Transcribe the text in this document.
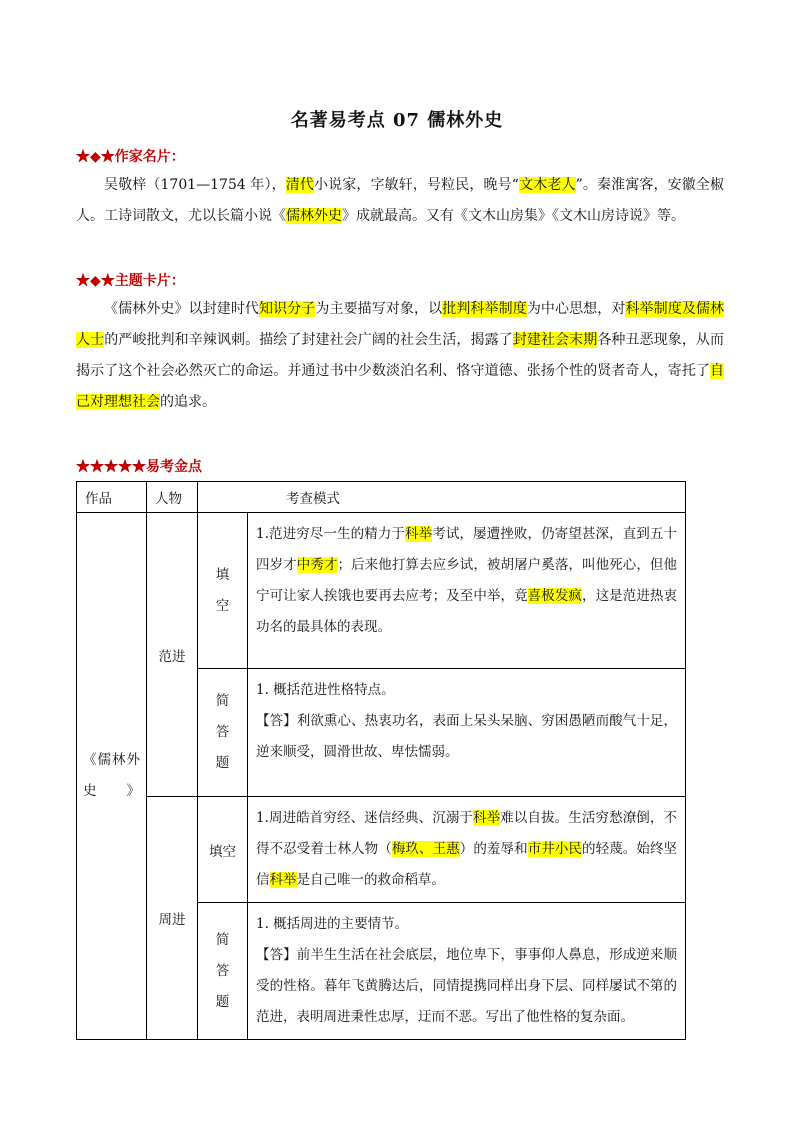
名著易考点 07 儒林外史
★◆★作家名片：
吴敬梓（1701—1754 年），清代小说家，字敏轩，号粒民，晚号“文木老人”。秦淮寓客，安徽全椒人。工诗词散文，尤以长篇小说《儒林外史》成就最高。又有《文木山房集》《文木山房诗说》等。
★◆★主题卡片：
《儒林外史》以封建时代知识分子为主要描写对象，以批判科举制度为中心思想，对科举制度及儒林人士的严峻批判和辛辣讽刺。描绘了封建社会广阔的社会生活，揭露了封建社会末期各种丑恶现象，从而揭示了这个社会必然灭亡的命运。并通过书中少数淡泊名利、恪守道德、张扬个性的贤者奇人，寄托了自己对理想社会的追求。
★★★★★易考金点
作品	人物	考查模式	
《儒林外史》	范进	填空	1.范进穷尽一生的精力于科举考试，屡遭挫败，仍寄望甚深，直到五十四岁才中秀才；后来他打算去应乡试，被胡屠户奚落，叫他死心，但他宁可让家人挨饿也要再去应考；及至中举，竟喜极发疯，这是范进热衷功名的最具体的表现。

		简答题	1. 概括范进性格特点。
【答】利欲熏心、热衷功名，表面上呆头呆脑、穷困愚陋而酸气十足，逆来顺受，圆滑世故、卑怯懦弱。

	周进	填空	1.周进皓首穷经、迷信经典、沉溺于科举难以自拔。生活穷愁潦倒，不得不忍受着士林人物（梅玖、王惠）的羞辱和市井小民的轻蔑。始终坚信科举是自己唯一的救命稻草。

		简答题	1. 概括周进的主要情节。
【答】前半生生活在社会底层，地位卑下，事事仰人鼻息，形成逆来顺受的性格。暮年飞黄腾达后，同情提携同样出身下层、同样屡试不第的范进，表明周进秉性忠厚，迂而不恶。写出了他性格的复杂面。
